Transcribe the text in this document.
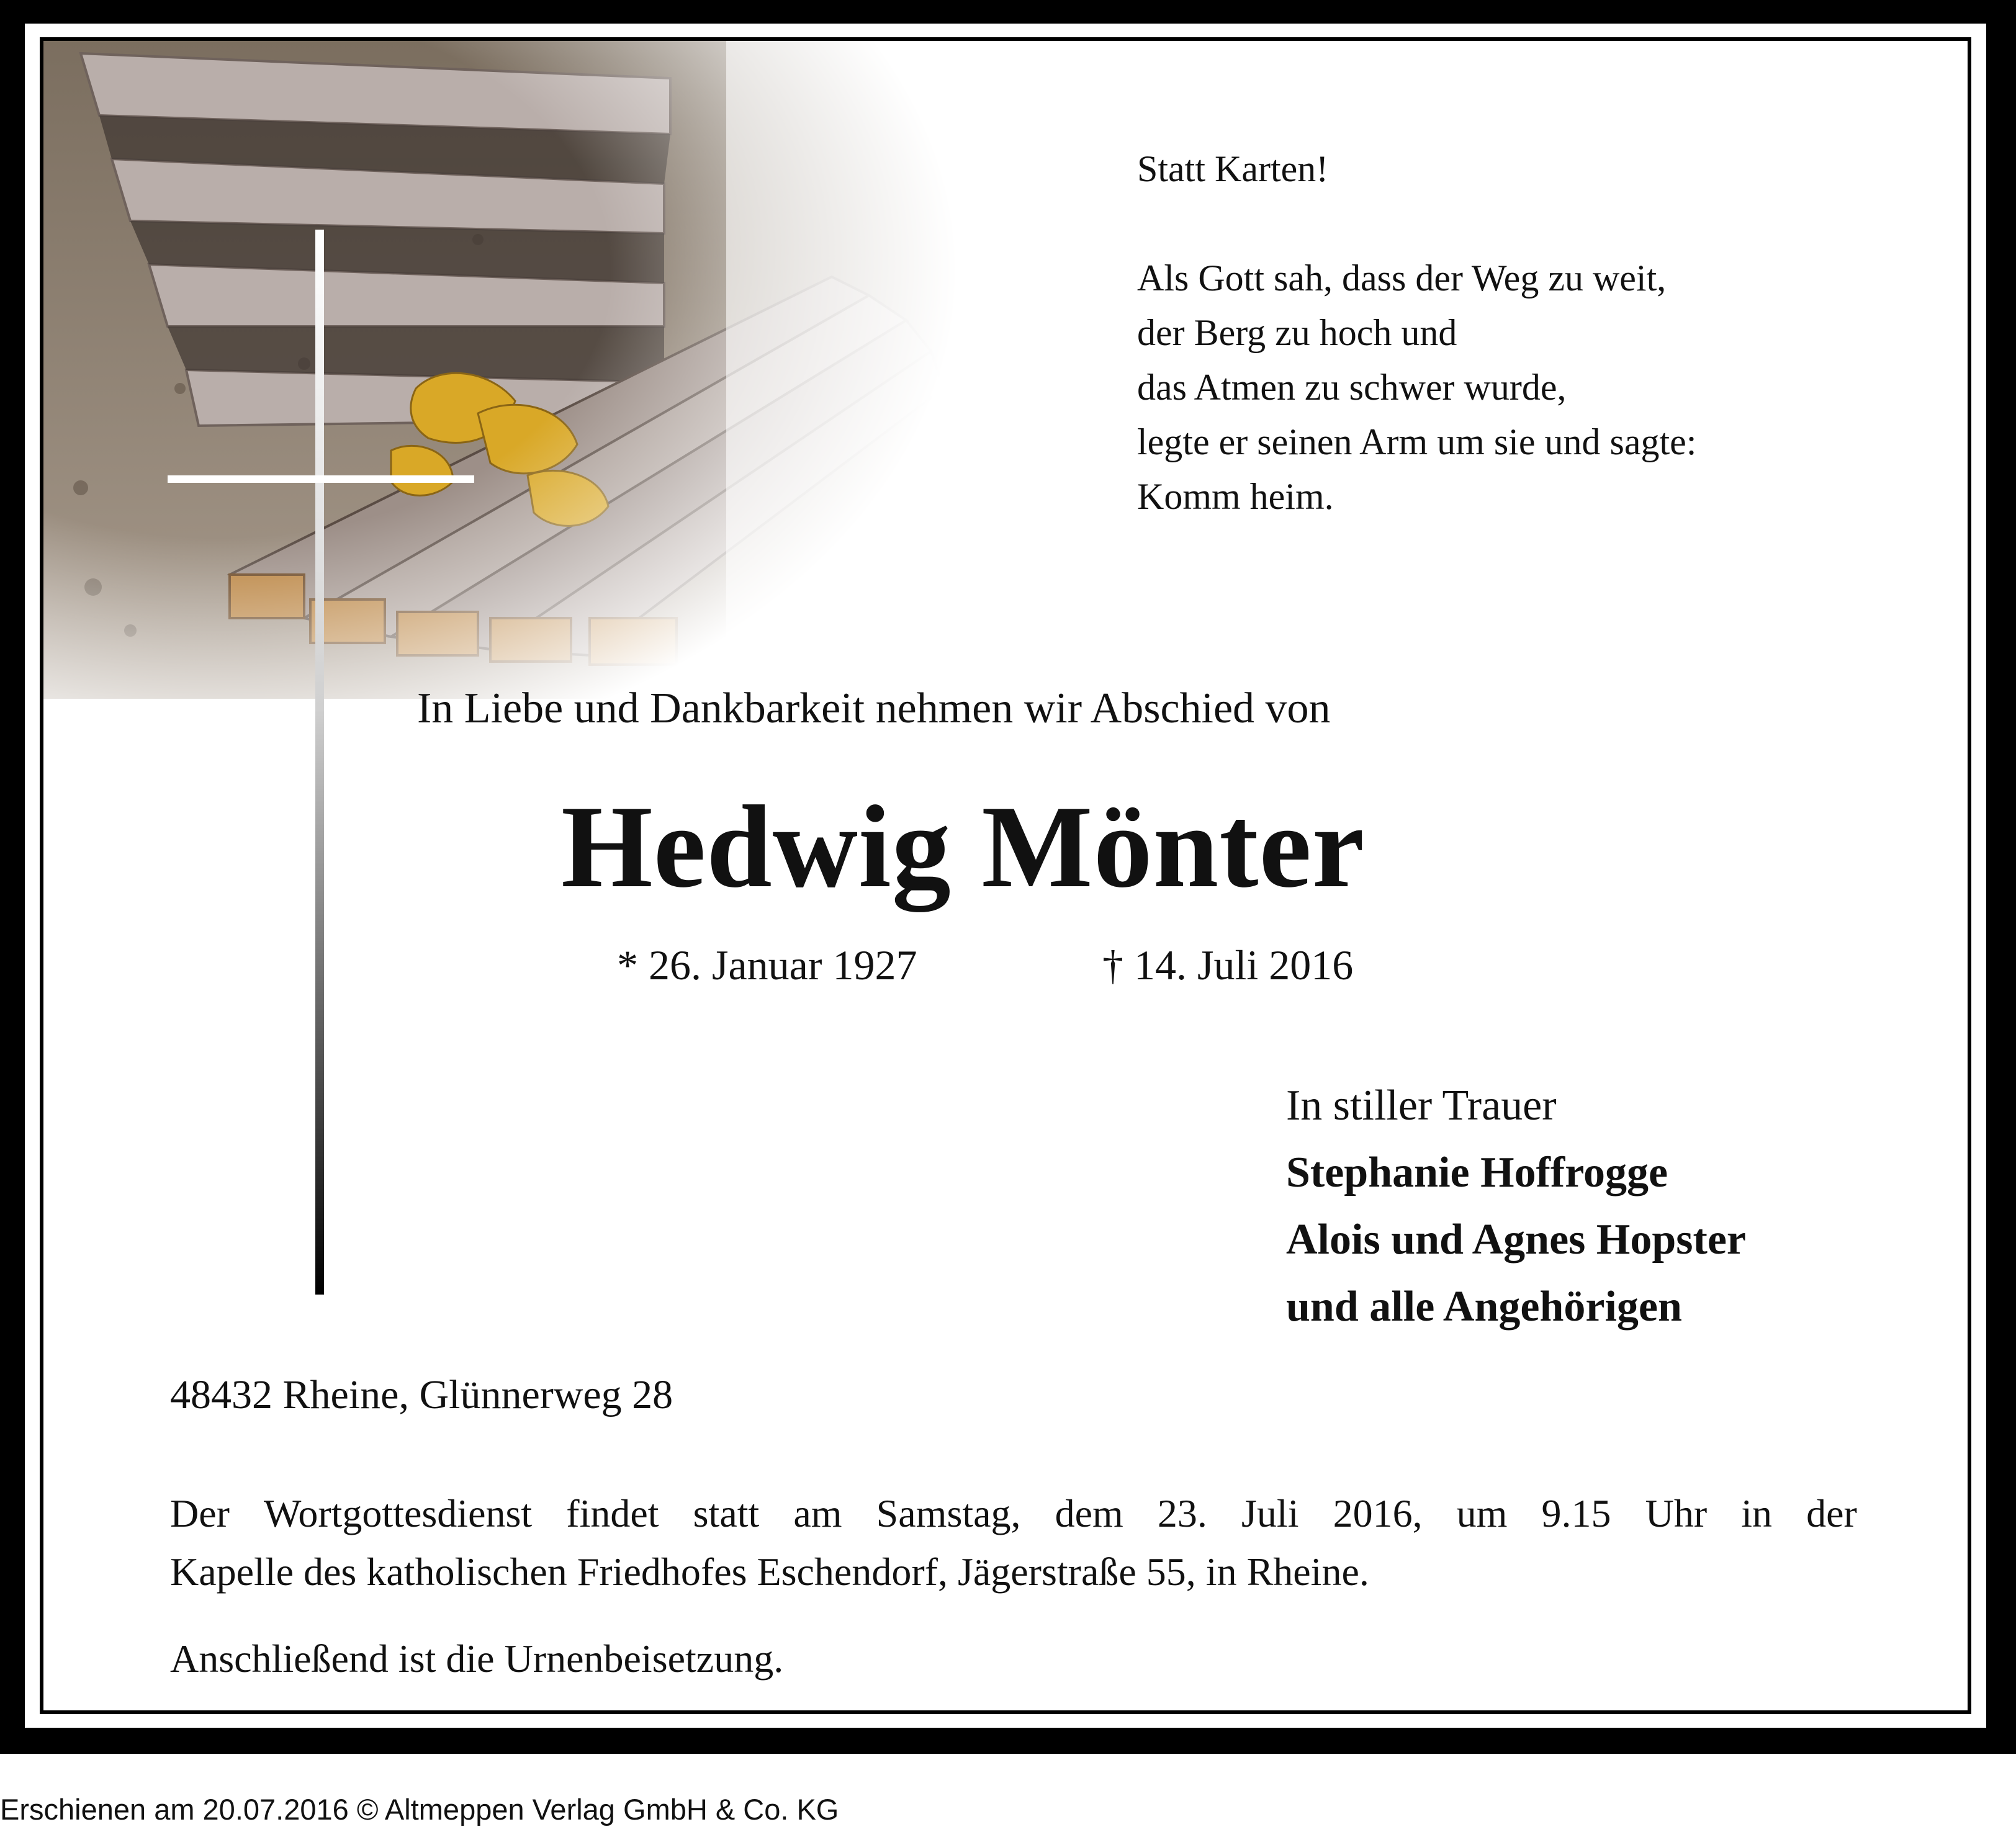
Statt Karten!
Als Gott sah, dass der Weg zu weit,
der Berg zu hoch und
das Atmen zu schwer wurde,
legte er seinen Arm um sie und sagte:
Komm heim.
In Liebe und Dankbarkeit nehmen wir Abschied von
Hedwig Mönter
* 26. Januar 1927	† 14. Juli 2016
In stiller Trauer
Stephanie Hoffrogge
Alois und Agnes Hopster
und alle Angehörigen
48432 Rheine, Glünnerweg 28
Der Wortgottesdienst findet statt am Samstag, dem 23. Juli 2016, um 9.15 Uhr in der
Kapelle des katholischen Friedhofes Eschendorf, Jägerstraße 55, in Rheine.
Anschließend ist die Urnenbeisetzung.
Erschienen am 20.07.2016 © Altmeppen Verlag GmbH & Co. KG
